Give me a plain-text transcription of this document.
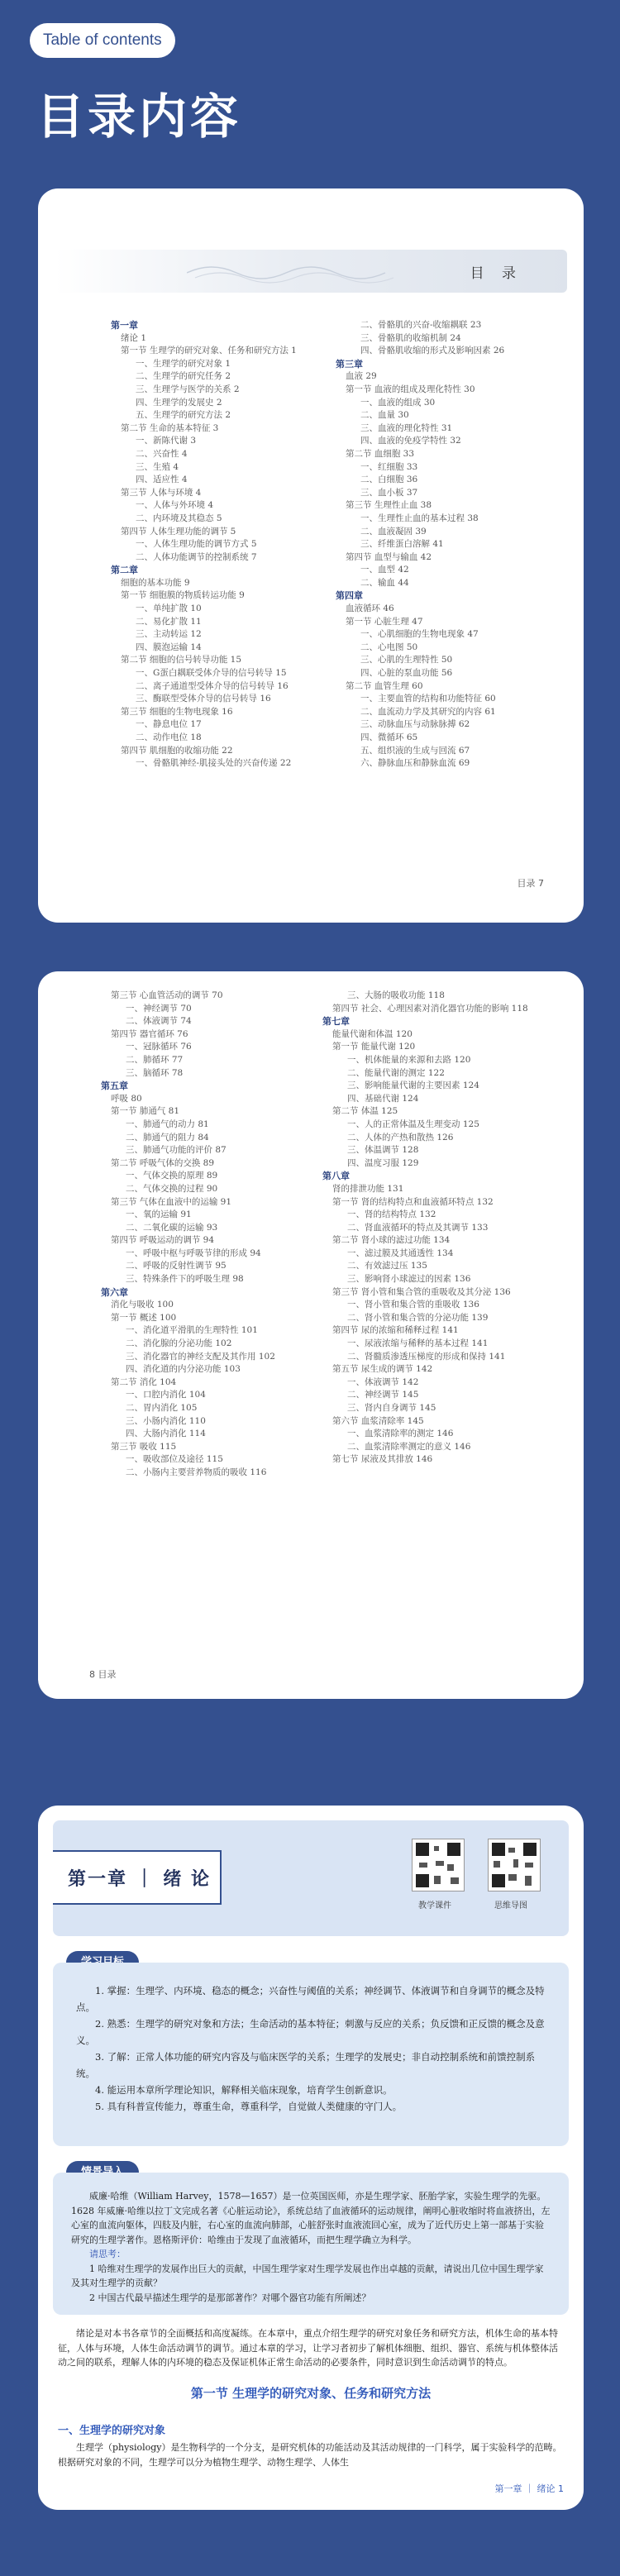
Table of contents
目录内容
目 录
第一章
绪论 1
第一节 生理学的研究对象、任务和研究方法 1
一、生理学的研究对象 1
二、生理学的研究任务 2
三、生理学与医学的关系 2
四、生理学的发展史 2
五、生理学的研究方法 2
第二节 生命的基本特征 3
一、新陈代谢 3
二、兴奋性 4
三、生殖 4
四、适应性 4
第三节 人体与环境 4
一、人体与外环境 4
二、内环境及其稳态 5
第四节 人体生理功能的调节 5
一、人体生理功能的调节方式 5
二、人体功能调节的控制系统 7
第二章
细胞的基本功能 9
第一节 细胞膜的物质转运功能 9
一、单纯扩散 10
二、易化扩散 11
三、主动转运 12
四、膜泡运输 14
第二节 细胞的信号转导功能 15
一、G蛋白耦联受体介导的信号转导 15
二、离子通道型受体介导的信号转导 16
三、酶联型受体介导的信号转导 16
第三节 细胞的生物电现象 16
一、静息电位 17
二、动作电位 18
第四节 肌细胞的收缩功能 22
一、骨骼肌神经-肌接头处的兴奋传递 22
二、骨骼肌的兴奋-收缩耦联 23
三、骨骼肌的收缩机制 24
四、骨骼肌收缩的形式及影响因素 26
第三章
血液 29
第一节 血液的组成及理化特性 30
一、血液的组成 30
二、血量 30
三、血液的理化特性 31
四、血液的免疫学特性 32
第二节 血细胞 33
一、红细胞 33
二、白细胞 36
三、血小板 37
第三节 生理性止血 38
一、生理性止血的基本过程 38
二、血液凝固 39
三、纤维蛋白溶解 41
第四节 血型与输血 42
一、血型 42
二、输血 44
第四章
血液循环 46
第一节 心脏生理 47
一、心肌细胞的生物电现象 47
二、心电图 50
三、心肌的生理特性 50
四、心脏的泵血功能 56
第二节 血管生理 60
一、主要血管的结构和功能特征 60
二、血流动力学及其研究的内容 61
三、动脉血压与动脉脉搏 62
四、微循环 65
五、组织液的生成与回流 67
六、静脉血压和静脉血流 69
目录 7
第三节 心血管活动的调节 70
一、神经调节 70
二、体液调节 74
第四节 器官循环 76
一、冠脉循环 76
二、肺循环 77
三、脑循环 78
第五章
呼吸 80
第一节 肺通气 81
一、肺通气的动力 81
二、肺通气的阻力 84
三、肺通气功能的评价 87
第二节 呼吸气体的交换 89
一、气体交换的原理 89
二、气体交换的过程 90
第三节 气体在血液中的运输 91
一、氧的运输 91
二、二氧化碳的运输 93
第四节 呼吸运动的调节 94
一、呼吸中枢与呼吸节律的形成 94
二、呼吸的反射性调节 95
三、特殊条件下的呼吸生理 98
第六章
消化与吸收 100
第一节 概述 100
一、消化道平滑肌的生理特性 101
二、消化腺的分泌功能 102
三、消化器官的神经支配及其作用 102
四、消化道的内分泌功能 103
第二节 消化 104
一、口腔内消化 104
二、胃内消化 105
三、小肠内消化 110
四、大肠内消化 114
第三节 吸收 115
一、吸收部位及途径 115
二、小肠内主要营养物质的吸收 116
三、大肠的吸收功能 118
第四节 社会、心理因素对消化器官功能的影响 118
第七章
能量代谢和体温 120
第一节 能量代谢 120
一、机体能量的来源和去路 120
二、能量代谢的测定 122
三、影响能量代谢的主要因素 124
四、基础代谢 124
第二节 体温 125
一、人的正常体温及生理变动 125
二、人体的产热和散热 126
三、体温调节 128
四、温度习服 129
第八章
肾的排泄功能 131
第一节 肾的结构特点和血液循环特点 132
一、肾的结构特点 132
二、肾血液循环的特点及其调节 133
第二节 肾小球的滤过功能 134
一、滤过膜及其通透性 134
二、有效滤过压 135
三、影响肾小球滤过的因素 136
第三节 肾小管和集合管的重吸收及其分泌 136
一、肾小管和集合管的重吸收 136
二、肾小管和集合管的分泌功能 139
第四节 尿的浓缩和稀释过程 141
一、尿液浓缩与稀释的基本过程 141
二、肾髓质渗透压梯度的形成和保持 141
第五节 尿生成的调节 142
一、体液调节 142
二、神经调节 145
三、肾内自身调节 145
第六节 血浆清除率 145
一、血浆清除率的测定 146
二、血浆清除率测定的意义 146
第七节 尿液及其排放 146
8 目录
第一章 ｜ 绪 论
教学课件	思维导图
1. 掌握：生理学、内环境、稳态的概念；兴奋性与阈值的关系；神经调节、体液调节和自身调节的概念及特点。
2. 熟悉：生理学的研究对象和方法；生命活动的基本特征；刺激与反应的关系；负反馈和正反馈的概念及意义。
3. 了解：正常人体功能的研究内容及与临床医学的关系；生理学的发展史；非自动控制系统和前馈控制系统。
4. 能运用本章所学理论知识，解释相关临床现象，培育学生创新意识。
5. 具有科普宣传能力，尊重生命，尊重科学，自觉做人类健康的守门人。
威廉·哈维（William Harvey，1578—1657）是一位英国医师，亦是生理学家、胚胎学家，实验生理学的先驱。1628 年威廉·哈维以拉丁文完成名著《心脏运动论》，系统总结了血液循环的运动规律，阐明心脏收缩时将血液挤出，左心室的血流向躯体，四肢及内脏，右心室的血流向肺部，心脏舒张时血液流回心室，成为了近代历史上第一部基于实验研究的生理学著作。恩格斯评价：哈维由于发现了血液循环，而把生理学确立为科学。
请思考：
1 哈维对生理学的发展作出巨大的贡献，中国生理学家对生理学发展也作出卓越的贡献，请说出几位中国生理学家及其对生理学的贡献？
2 中国古代最早描述生理学的是那部著作？对哪个器官功能有所阐述？
绪论是对本书各章节的全面概括和高度凝练。在本章中，重点介绍生理学的研究对象任务和研究方法，机体生命的基本特征，人体与环境，人体生命活动调节的调节。通过本章的学习，让学习者初步了解机体细胞、组织、器官、系统与机体整体活动之间的联系，理解人体的内环境的稳态及保证机体正常生命活动的必要条件，同时意识到生命活动调节的特点。
第一节 生理学的研究对象、任务和研究方法
一、生理学的研究对象
生理学（physiology）是生物科学的一个分支，是研究机体的功能活动及其活动规律的一门科学，属于实验科学的范畴。根据研究对象的不同，生理学可以分为植物生理学、动物生理学、人体生
第一章 ｜ 绪论 1
